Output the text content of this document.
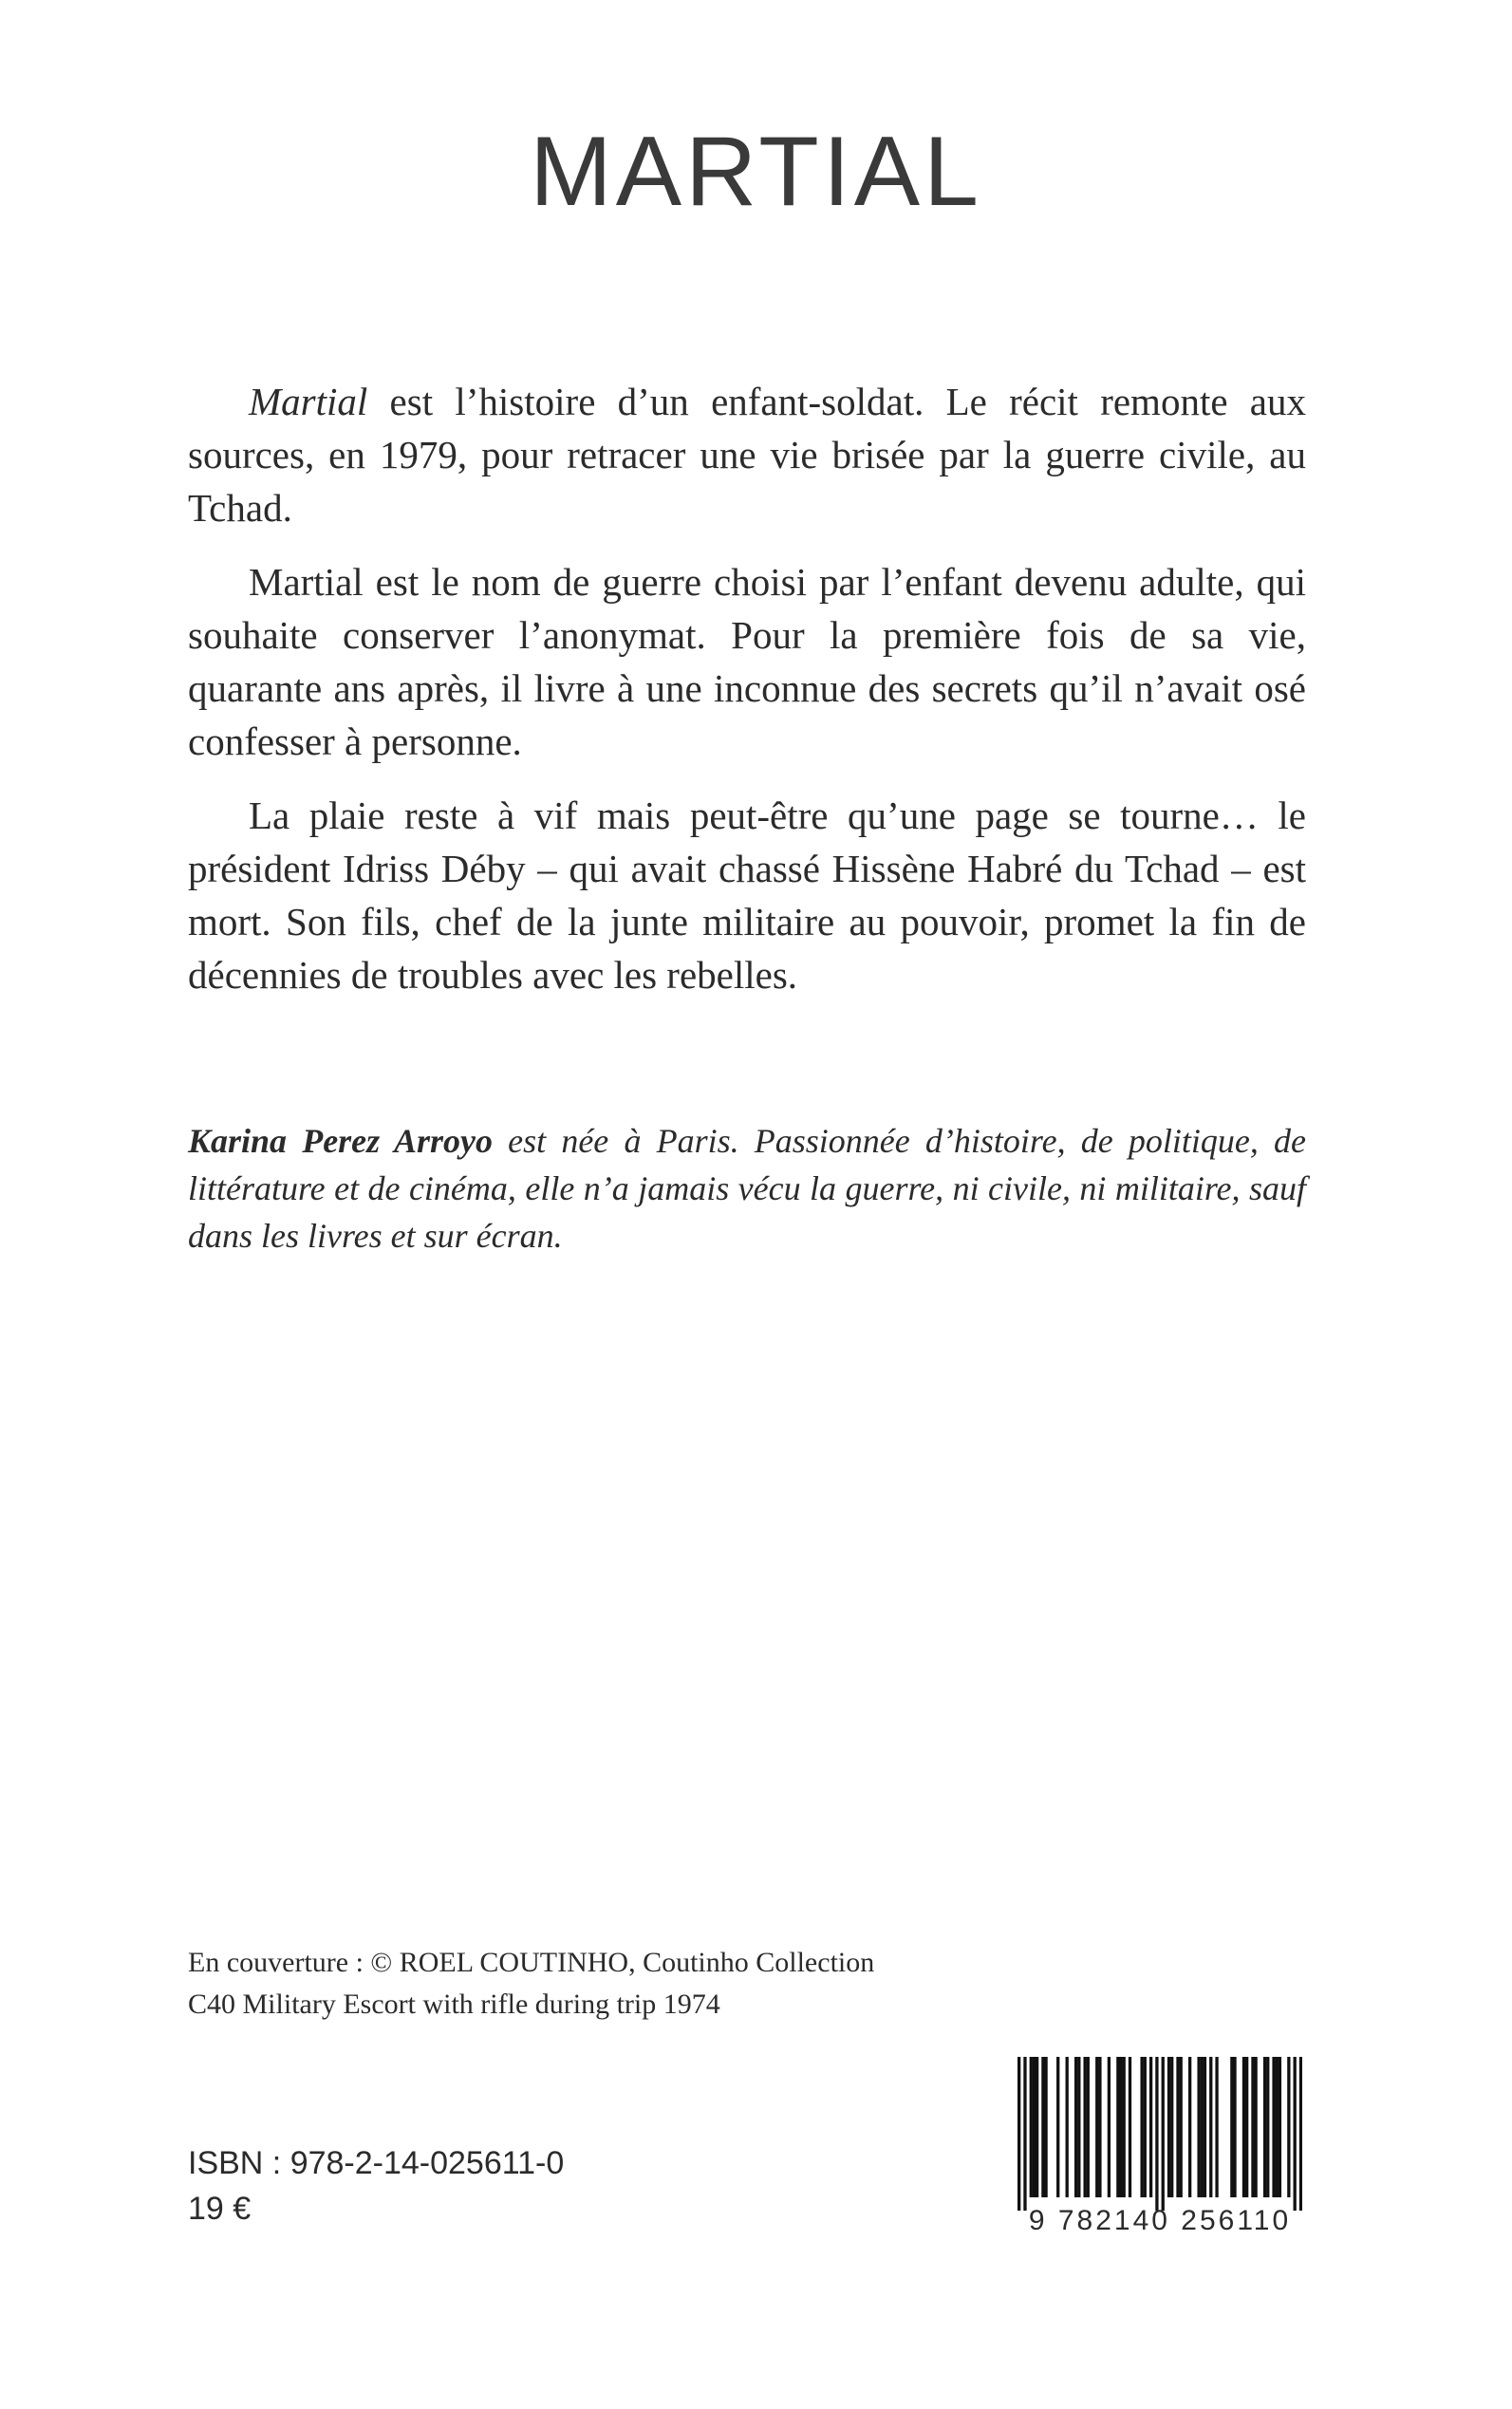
MARTIAL

Martial est l’histoire d’un enfant-soldat. Le récit remonte aux sources, en 1979, pour retracer une vie brisée par la guerre civile, au Tchad.

Martial est le nom de guerre choisi par l’enfant devenu adulte, qui souhaite conserver l’anonymat. Pour la première fois de sa vie, quarante ans après, il livre à une inconnue des secrets qu’il n’avait osé confesser à personne.

La plaie reste à vif mais peut-être qu’une page se tourne… le président Idriss Déby – qui avait chassé Hissène Habré du Tchad – est mort. Son fils, chef de la junte militaire au pouvoir, promet la fin de décennies de troubles avec les rebelles.

Karina Perez Arroyo est née à Paris. Passionnée d’histoire, de politique, de littérature et de cinéma, elle n’a jamais vécu la guerre, ni civile, ni militaire, sauf dans les livres et sur écran.
En couverture : © ROEL COUTINHO, Coutinho Collection
C40 Military Escort with rifle during trip 1974
ISBN : 978-2-14-025611-0
19 €	9 782140 256110
